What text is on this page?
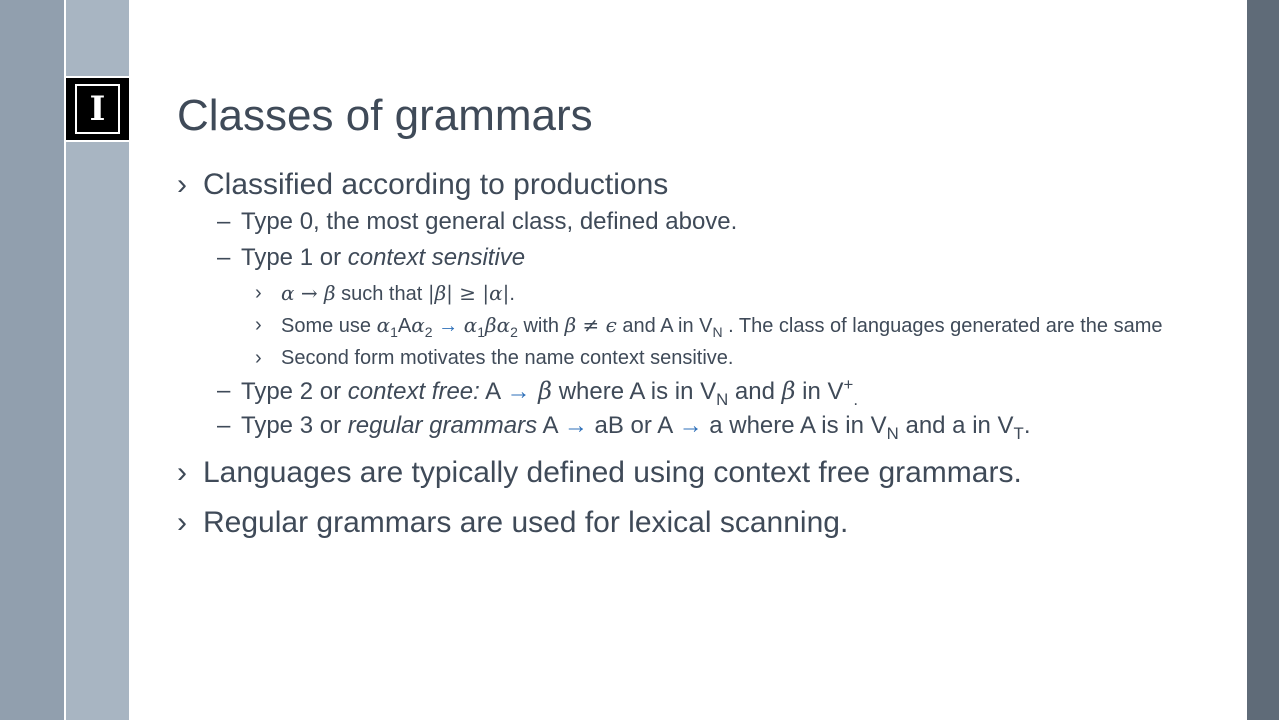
I	Classes of grammars
› Classified according to productions
– Type 0, the most general class, defined above.
– Type 1 or context sensitive
› α → β such that |β| ≥ |α|.
› Some use $\alpha_1A\alpha_2 \to \alpha_1\beta\alpha_2$ with β ≠ ϵ and A in $V_N$ . The class of languages generated are the same
› Second form motivates the name context sensitive.
– Type 2 or context free: A → β where A is in $V_N$ and β in $V^+_.$
– Type 3 or regular grammars A → aB or A → a where A is in $V_N$ and a in $V_T$.
› Languages are typically defined using context free grammars.
› Regular grammars are used for lexical scanning.
